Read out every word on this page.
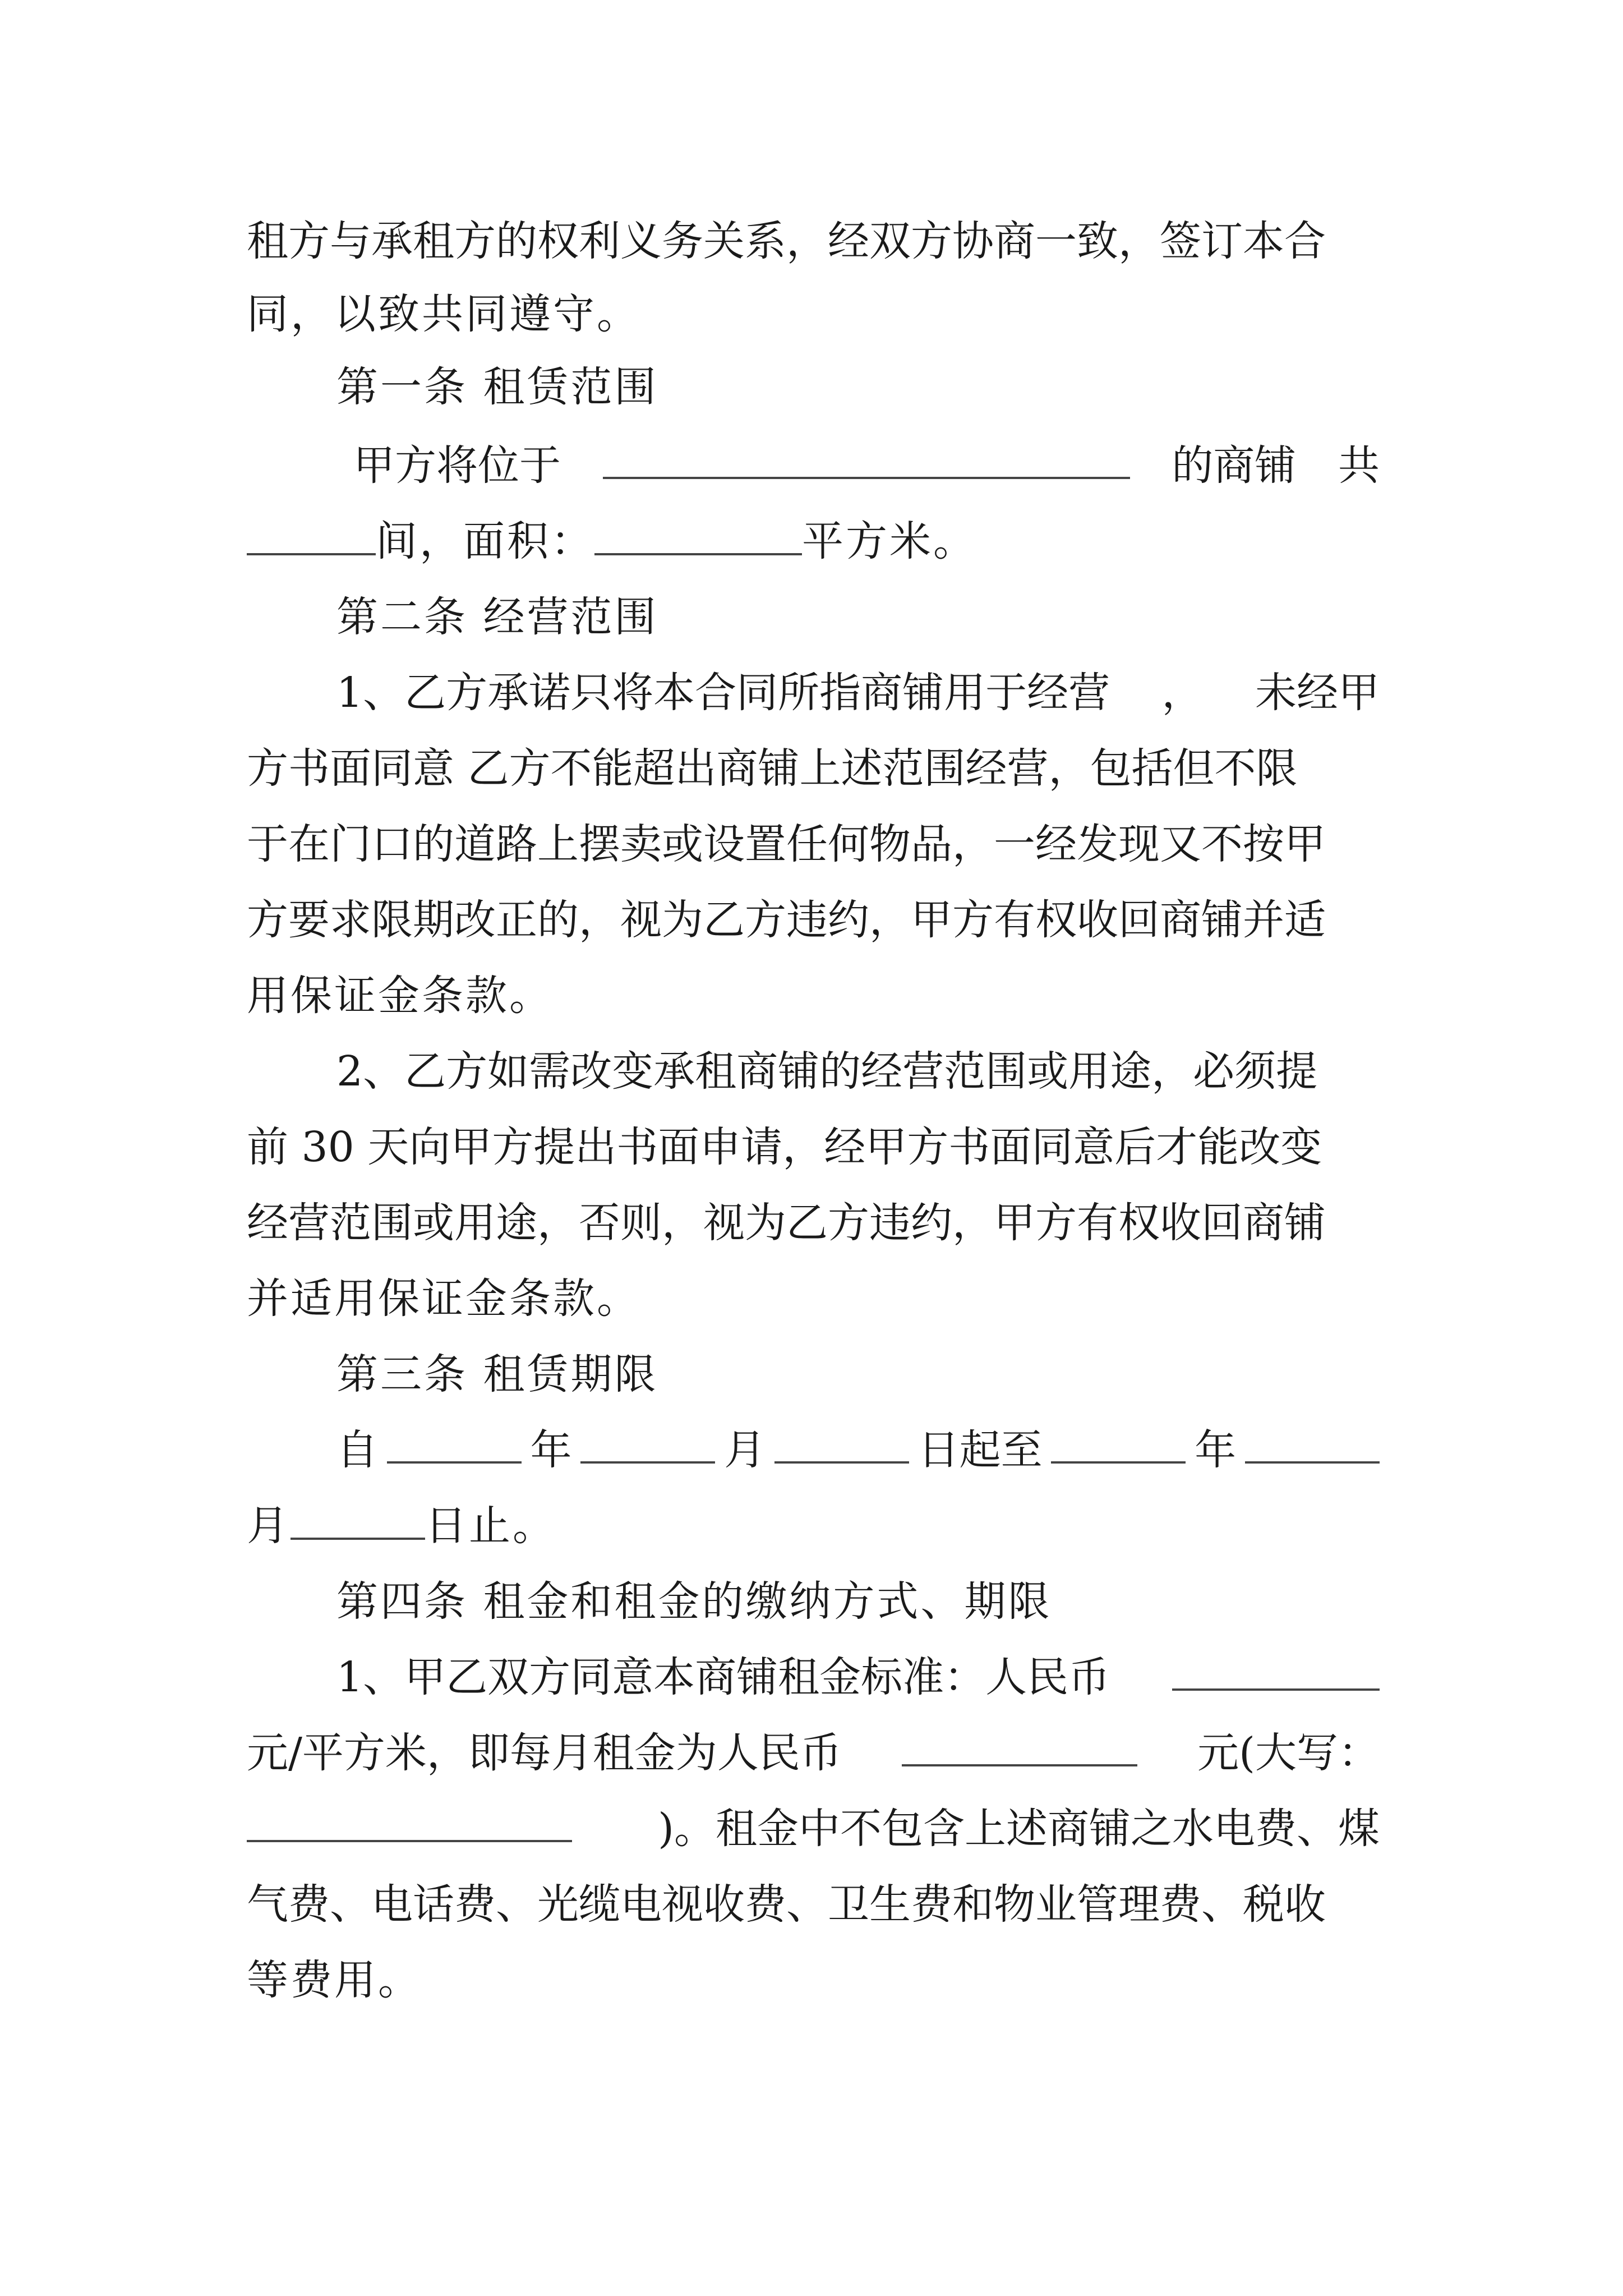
租方与承租方的权利义务关系，经双方协商一致，签订本合
同，以致共同遵守。
第一条 租赁范围
甲方将位于	的商铺 共
间，面积：	平方米。
第二条 经营范围
1、乙方承诺只将本合同所指商铺用于经营 ， 未经甲
方书面同意 乙方不能超出商铺上述范围经营，包括但不限
于在门口的道路上摆卖或设置任何物品，一经发现又不按甲
方要求限期改正的，视为乙方违约，甲方有权收回商铺并适
用保证金条款。
2、乙方如需改变承租商铺的经营范围或用途，必须提
前 30 天向甲方提出书面申请，经甲方书面同意后才能改变
经营范围或用途，否则，视为乙方违约，甲方有权收回商铺
并适用保证金条款。
第三条 租赁期限
自	年	月	日起至	年
月	日止。
第四条 租金和租金的缴纳方式、期限
1、甲乙双方同意本商铺租金标准：人民币
元/平方米，即每月租金为人民币	元(大写：
)。租金中不包含上述商铺之水电费、煤
气费、电话费、光缆电视收费、卫生费和物业管理费、税收
等费用。
